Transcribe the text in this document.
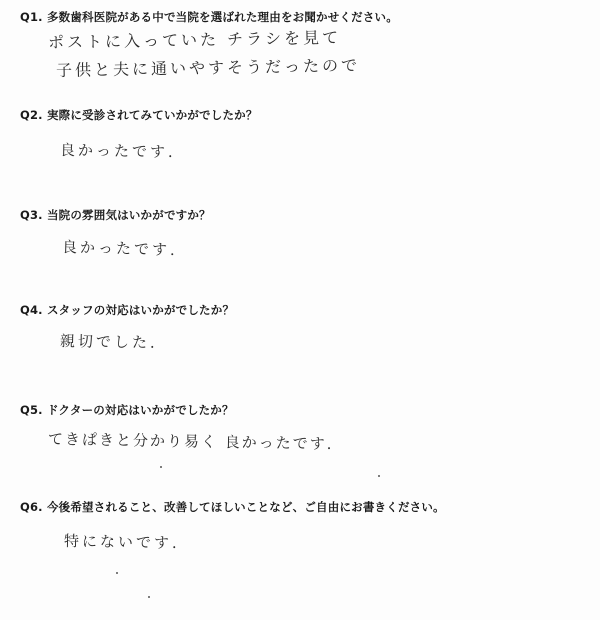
Q1. 多数歯科医院がある中で当院を選ばれた理由をお聞かせください。
ポストに入っていた チラシを見て
子供と夫に通いやすそうだったので
Q2. 実際に受診されてみていかがでしたか？
良かったです.
Q3. 当院の雰囲気はいかがですか？
良かったです.
Q4. スタッフの対応はいかがでしたか？
親切でした.
Q5. ドクターの対応はいかがでしたか？
てきぱきと分かり易く 良かったです.
Q6. 今後希望されること、改善してほしいことなど、ご自由にお書きください。
特にないです.
